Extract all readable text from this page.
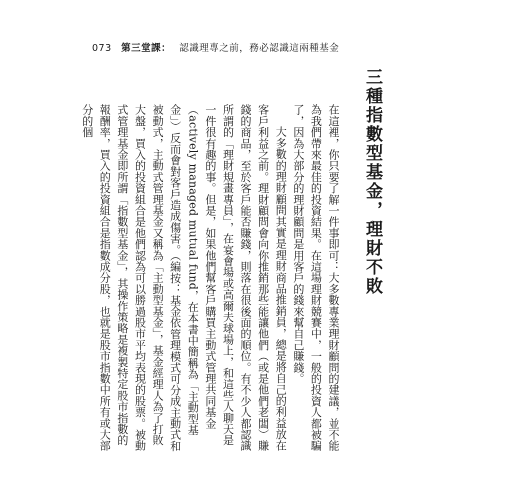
073 第三堂課： 認識理專之前，務必認識這兩種基金
三種指數型基金，理財不敗

在這裡，你只要了解一件事即可：大多數專業理財顧問的建議，並不能為我們帶來最佳的投資結果。在這場理財競賽中，一般的投資人都被騙了，因為大部分的理財顧問是用客戶的錢來幫自己賺錢。

大多數的理財顧問其實是理財商品推銷員，總是將自己的利益放在客戶利益之前。理財顧問會向你推銷那些能讓他們（或是他們老闆）賺錢的商品，至於客戶能否賺錢，則落在很後面的順位。有不少人都認識所謂的「理財規畫專員」，在宴會場或高爾夫球場上，和這些人聊天是一件很有趣的事。但是，如果他們幫客戶購買主動式管理共同基金（actively managed mutual fund，在本書中簡稱為「主動型基金」）反而會對客戶造成傷害。（編按：基金依管理模式可分成主動式和被動式，主動式管理基金又稱為「主動型基金」，基金經理人為了打敗大盤，買入的投資組合是他們認為可以勝過股市平均表現的股票。被動式管理基金即所謂「指數型基金」，其操作策略是複製特定股市指數的報酬率，買入的投資組合是指數成分股，也就是股市指數中所有或大部分的個
